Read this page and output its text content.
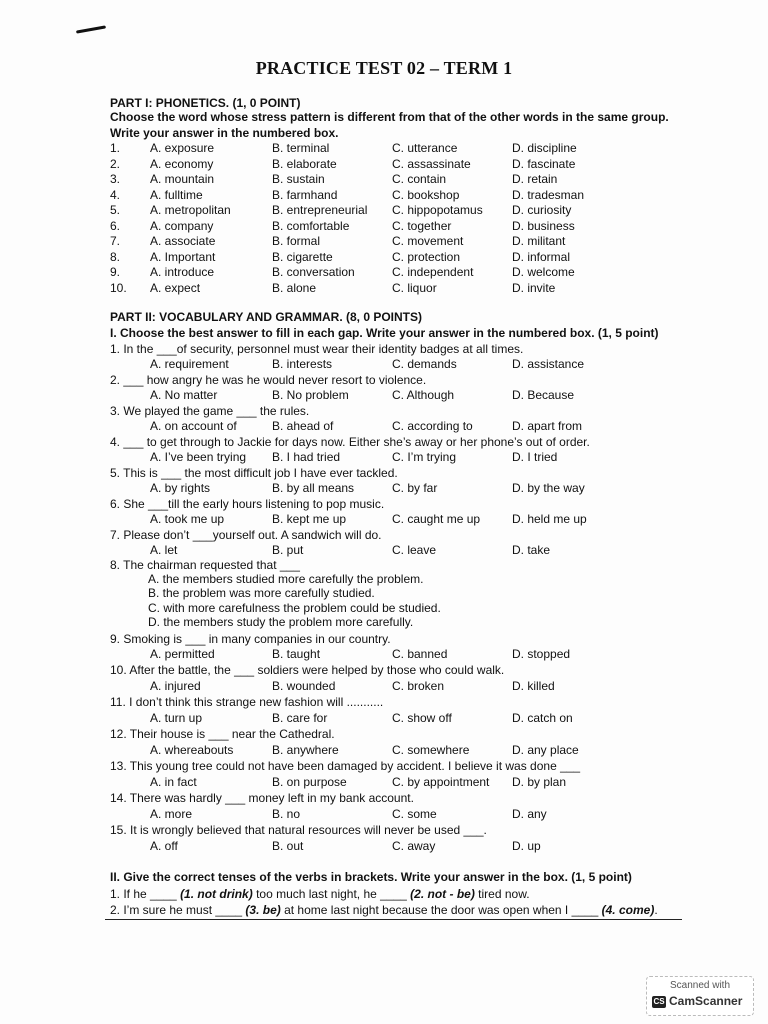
PRACTICE TEST 02 – TERM 1
PART I: PHONETICS. (1, 0 POINT)
Choose the word whose stress pattern is different from that of the other words in the same group.
Write your answer in the numbered box.
1. A. exposure	B. terminal	C. utterance	D. discipline
2. A. economy	B. elaborate	C. assassinate	D. fascinate
3. A. mountain	B. sustain	C. contain	D. retain
4. A. fulltime	B. farmhand	C. bookshop	D. tradesman
5. A. metropolitan	B. entrepreneurial C. hippopotamus D. curiosity
6. A. company	B. comfortable	C. together	D. business
7. A. associate	B. formal	C. movement	D. militant
8. A. Important	B. cigarette	C. protection	D. informal
9. A. introduce	B. conversation	C. independent	D. welcome
10. A. expect	B. alone	C. liquor	D. invite
PART II: VOCABULARY AND GRAMMAR. (8, 0 POINTS)
I. Choose the best answer to fill in each gap. Write your answer in the numbered box. (1, 5 point)
1. In the ___of security, personnel must wear their identity badges at all times.
A. requirement	B. interests	C. demands	D. assistance
2. ___ how angry he was he would never resort to violence.
A. No matter	B. No problem	C. Although	D. Because
3. We played the game ___ the rules.
A. on account of	B. ahead of	C. according to	D. apart from
4. ___ to get through to Jackie for days now. Either she’s away or her phone’s out of order.
A. I’ve been trying B. I had tried	C. I’m trying	D. I tried
5. This is ___ the most difficult job I have ever tackled.
A. by rights	B. by all means	C. by far	D. by the way
6. She ___till the early hours listening to pop music.
A. took me up	B. kept me up	C. caught me up	D. held me up
7. Please don’t ___yourself out. A sandwich will do.
A. let	B. put	C. leave	D. take
8. The chairman requested that ___
A. the members studied more carefully the problem.
B. the problem was more carefully studied.
C. with more carefulness the problem could be studied.
D. the members study the problem more carefully.
9. Smoking is ___ in many companies in our country.
A. permitted	B. taught	C. banned	D. stopped
10. After the battle, the ___ soldiers were helped by those who could walk.
A. injured	B. wounded	C. broken	D. killed
11. I don’t think this strange new fashion will ...........
A. turn up	B. care for	C. show off	D. catch on
12. Their house is ___ near the Cathedral.
A. whereabouts	B. anywhere	C. somewhere	D. any place
13. This young tree could not have been damaged by accident. I believe it was done ___
A. in fact	B. on purpose	C. by appointment D. by plan
14. There was hardly ___ money left in my bank account.
A. more	B. no	C. some	D. any
15. It is wrongly believed that natural resources will never be used ___.
A. off	B. out	C. away	D. up
II. Give the correct tenses of the verbs in brackets. Write your answer in the box. (1, 5 point)
1. If he ____ (1. not drink) too much last night, he ____ (2. not - be) tired now.
2. I’m sure he must ____ (3. be) at home last night because the door was open when I ____ (4. come).
Scanned with
CS CamScanner
